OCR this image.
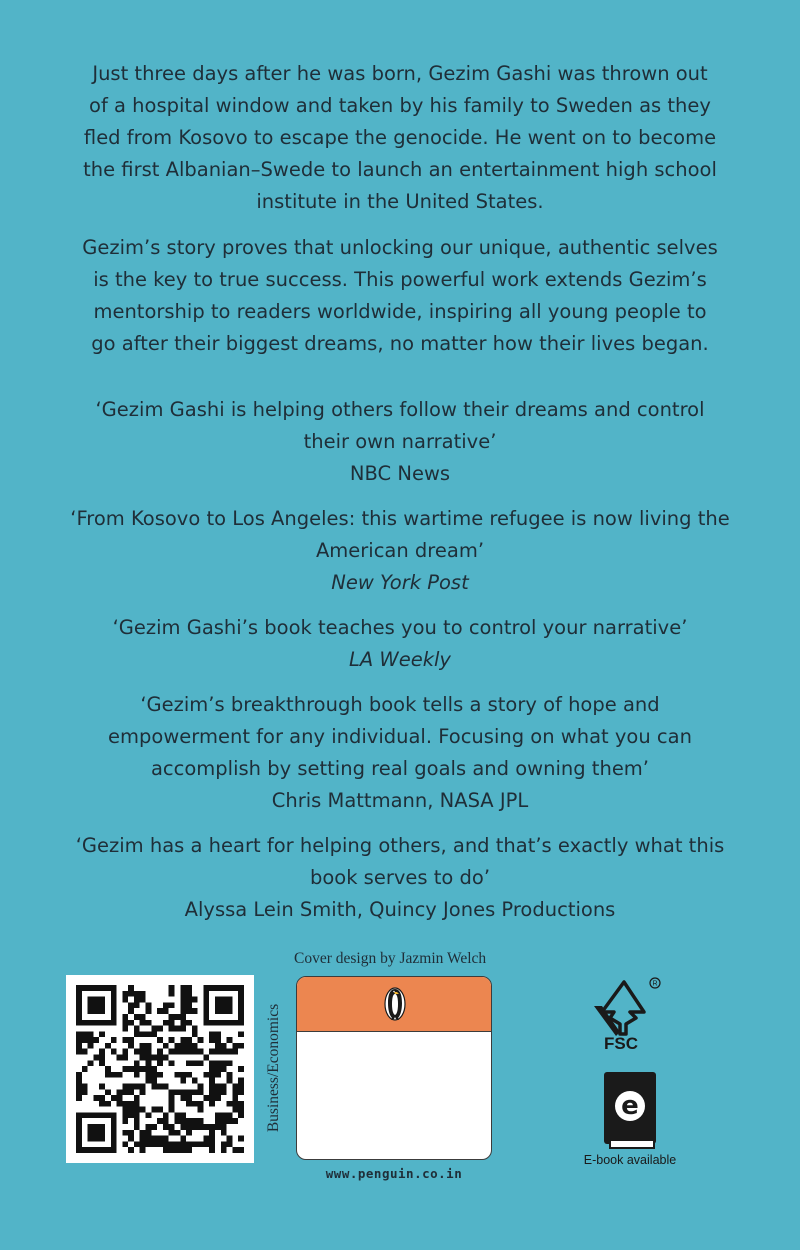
Just three days after he was born, Gezim Gashi was thrown out of a hospital window and taken by his family to Sweden as they fled from Kosovo to escape the genocide. He went on to become the first Albanian–Swede to launch an entertainment high school institute in the United States.

Gezim’s story proves that unlocking our unique, authentic selves is the key to true success. This powerful work extends Gezim’s mentorship to readers worldwide, inspiring all young people to go after their biggest dreams, no matter how their lives began.

‘Gezim Gashi is helping others follow their dreams and control their own narrative’
NBC News
‘From Kosovo to Los Angeles: this wartime refugee is now living the American dream’
New York Post
‘Gezim Gashi’s book teaches you to control your narrative’
LA Weekly
‘Gezim’s breakthrough book tells a story of hope and empowerment for any individual. Focusing on what you can accomplish by setting real goals and owning them’
Chris Mattmann, NASA JPL
‘Gezim has a heart for helping others, and that’s exactly what this book serves to do’
Alyssa Lein Smith, Quincy Jones Productions
Cover design by Jazmin Welch
Business/Economics
www.penguin.co.in
R
FSC
e
E-book available
